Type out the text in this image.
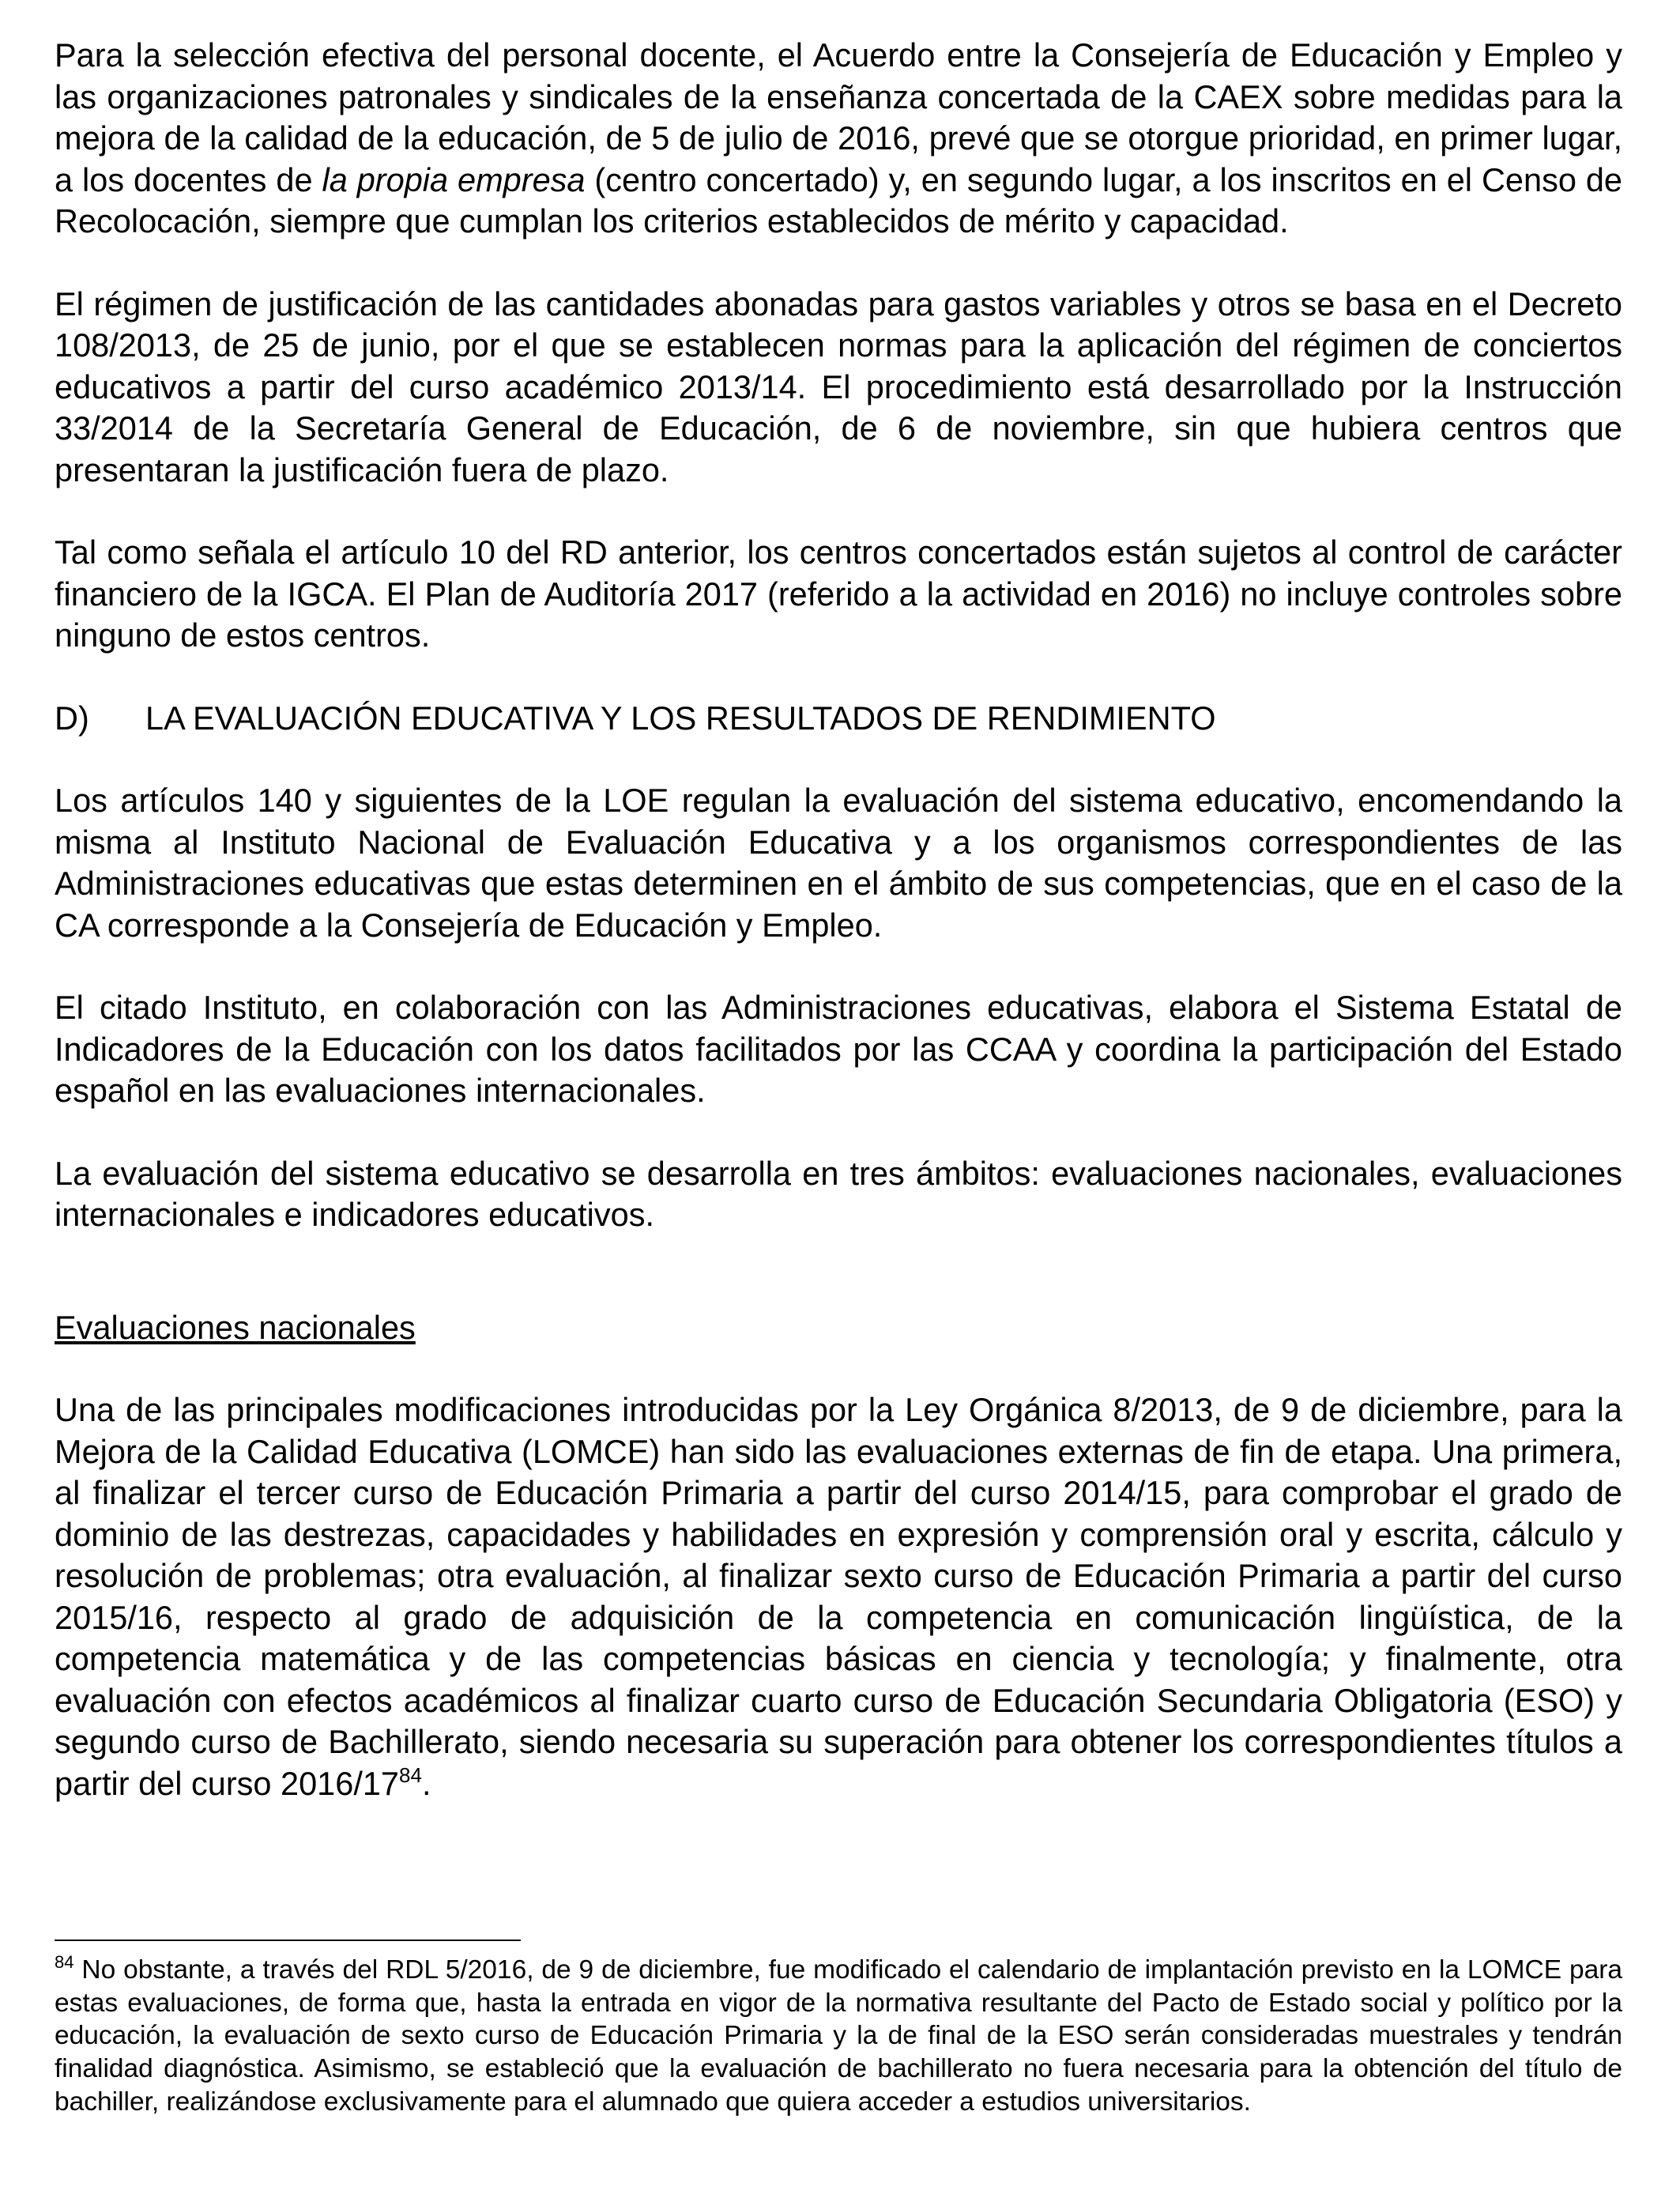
Para la selección efectiva del personal docente, el Acuerdo entre la Consejería de Educación y Empleo y las organizaciones patronales y sindicales de la enseñanza concertada de la CAEX sobre medidas para la mejora de la calidad de la educación, de 5 de julio de 2016, prevé que se otorgue prioridad, en primer lugar, a los docentes de la propia empresa (centro concertado) y, en segundo lugar, a los inscritos en el Censo de Recolocación, siempre que cumplan los criterios establecidos de mérito y capacidad.

El régimen de justificación de las cantidades abonadas para gastos variables y otros se basa en el Decreto 108/2013, de 25 de junio, por el que se establecen normas para la aplicación del régimen de conciertos educativos a partir del curso académico 2013/14. El procedimiento está desarrollado por la Instrucción 33/2014 de la Secretaría General de Educación, de 6 de noviembre, sin que hubiera centros que presentaran la justificación fuera de plazo.

Tal como señala el artículo 10 del RD anterior, los centros concertados están sujetos al control de carácter financiero de la IGCA. El Plan de Auditoría 2017 (referido a la actividad en 2016) no incluye controles sobre ninguno de estos centros.

D)	LA EVALUACIÓN EDUCATIVA Y LOS RESULTADOS DE RENDIMIENTO

Los artículos 140 y siguientes de la LOE regulan la evaluación del sistema educativo, encomendando la misma al Instituto Nacional de Evaluación Educativa y a los organismos correspondientes de las Administraciones educativas que estas determinen en el ámbito de sus competencias, que en el caso de la CA corresponde a la Consejería de Educación y Empleo.

El citado Instituto, en colaboración con las Administraciones educativas, elabora el Sistema Estatal de Indicadores de la Educación con los datos facilitados por las CCAA y coordina la participación del Estado español en las evaluaciones internacionales.

La evaluación del sistema educativo se desarrolla en tres ámbitos: evaluaciones nacionales, evaluaciones internacionales e indicadores educativos.

Evaluaciones nacionales

Una de las principales modificaciones introducidas por la Ley Orgánica 8/2013, de 9 de diciembre, para la Mejora de la Calidad Educativa (LOMCE) han sido las evaluaciones externas de fin de etapa. Una primera, al finalizar el tercer curso de Educación Primaria a partir del curso 2014/15, para comprobar el grado de dominio de las destrezas, capacidades y habilidades en expresión y comprensión oral y escrita, cálculo y resolución de problemas; otra evaluación, al finalizar sexto curso de Educación Primaria a partir del curso 2015/16, respecto al grado de adquisición de la competencia en comunicación lingüística, de la competencia matemática y de las competencias básicas en ciencia y tecnología; y finalmente, otra evaluación con efectos académicos al finalizar cuarto curso de Educación Secundaria Obligatoria (ESO) y segundo curso de Bachillerato, siendo necesaria su superación para obtener los correspondientes títulos a partir del curso $2016/17^{84}$.

$^{84}$ No obstante, a través del RDL 5/2016, de 9 de diciembre, fue modificado el calendario de implantación previsto en la LOMCE para estas evaluaciones, de forma que, hasta la entrada en vigor de la normativa resultante del Pacto de Estado social y político por la educación, la evaluación de sexto curso de Educación Primaria y la de final de la ESO serán consideradas muestrales y tendrán finalidad diagnóstica. Asimismo, se estableció que la evaluación de bachillerato no fuera necesaria para la obtención del título de bachiller, realizándose exclusivamente para el alumnado que quiera acceder a estudios universitarios.
